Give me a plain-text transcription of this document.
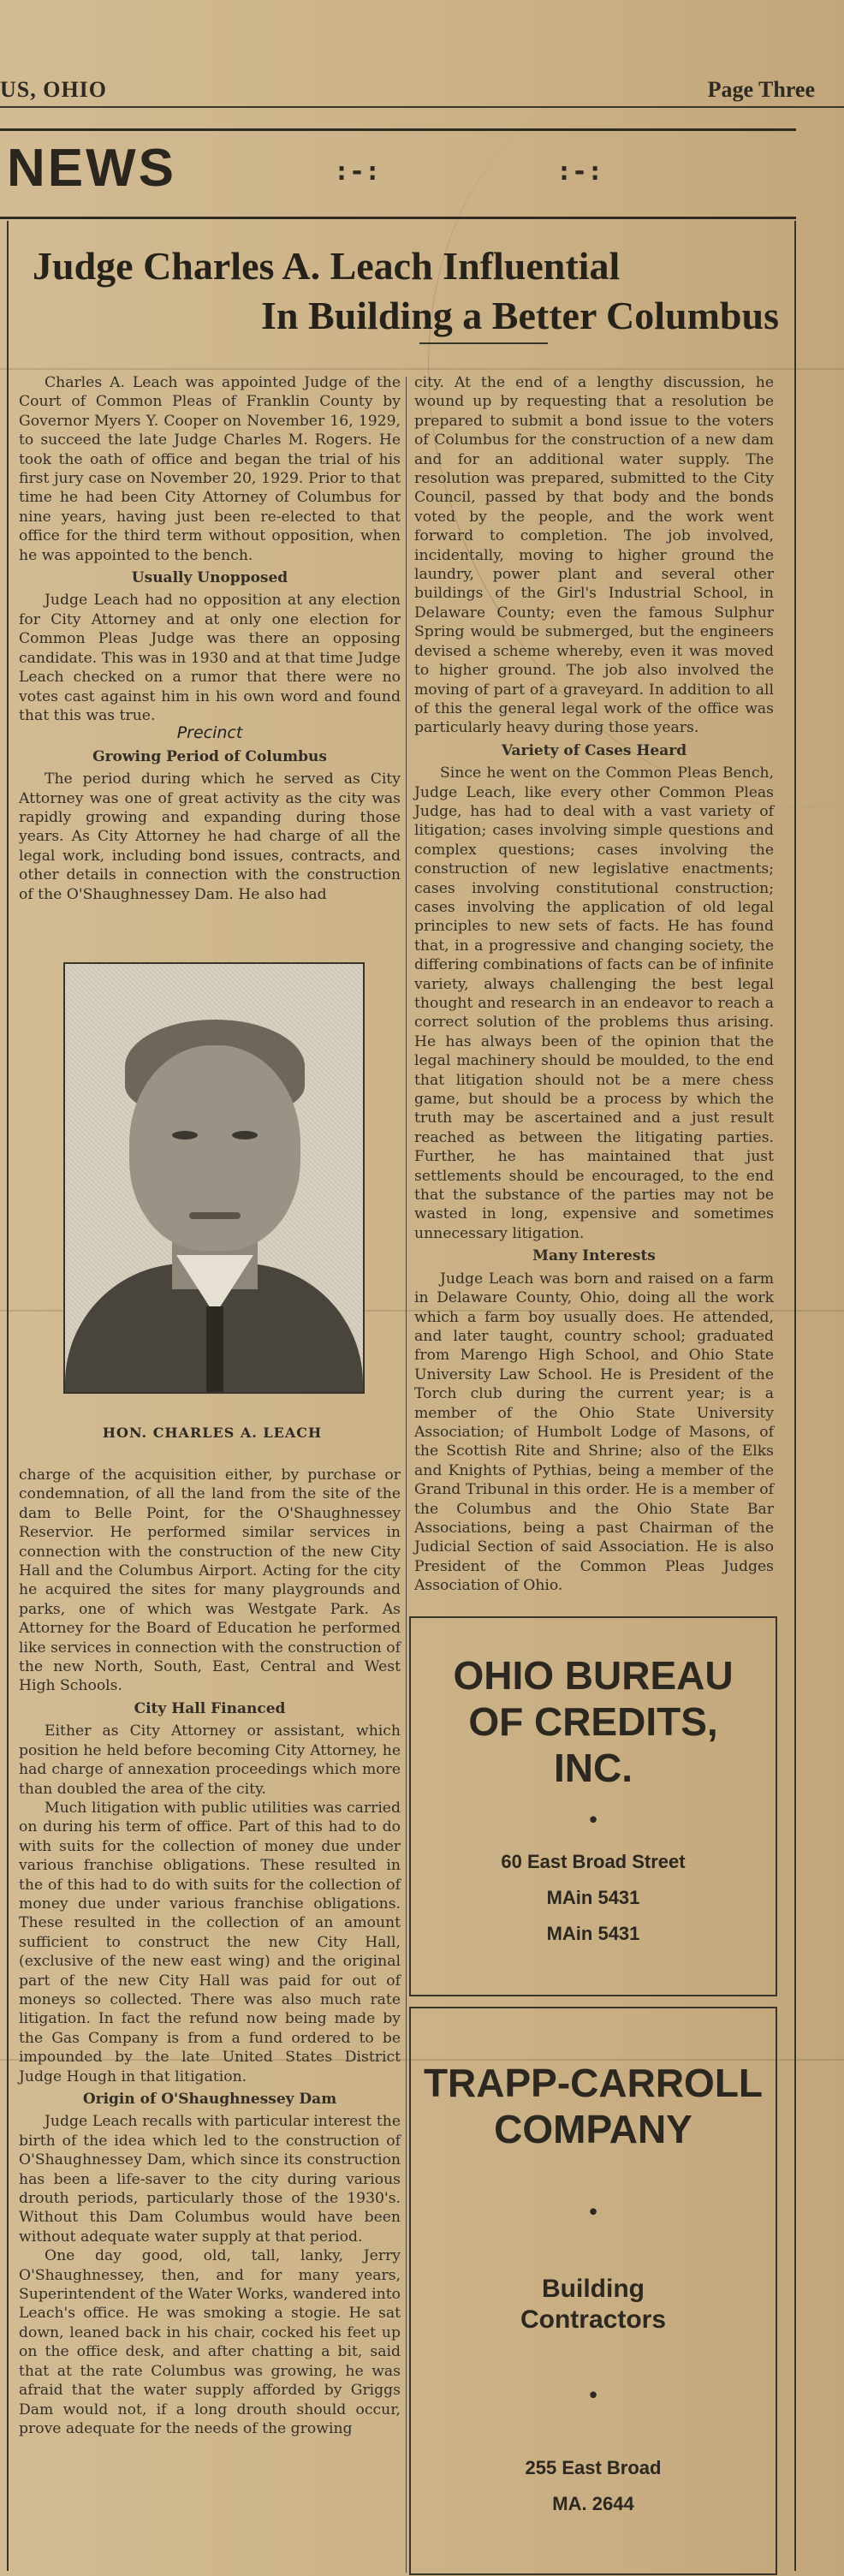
US, OHIO	Page Three
NEWS	:-:	:-:
Judge Charles A. Leach Influential
In Building a Better Columbus

Charles A. Leach was appointed Judge of the Court of Common Pleas of Franklin County by Governor Myers Y. Cooper on November 16, 1929, to succeed the late Judge Charles M. Rogers. He took the oath of office and began the trial of his first jury case on November 20, 1929. Prior to that time he had been City Attorney of Columbus for nine years, having just been re-elected to that office for the third term without opposition, when he was appointed to the bench.

Usually Unopposed

Judge Leach had no opposition at any election for City Attorney and at only one election for Common Pleas Judge was there an opposing candidate. This was in 1930 and at that time Judge Leach checked on a rumor that there were no votes cast against him in his own word and found that this was true.

Precinct

Growing Period of Columbus

The period during which he served as City Attorney was one of great activity as the city was rapidly growing and expanding during those years. As City Attorney he had charge of all the legal work, including bond issues, contracts, and other details in connection with the construction of the O'Shaughnessey Dam. He also had

HON. CHARLES A. LEACH

charge of the acquisition either, by purchase or condemnation, of all the land from the site of the dam to Belle Point, for the O'Shaughnessey Reservior. He performed similar services in connection with the construction of the new City Hall and the Columbus Airport. Acting for the city he acquired the sites for many playgrounds and parks, one of which was Westgate Park. As Attorney for the Board of Education he performed like services in connection with the construction of the new North, South, East, Central and West High Schools.

City Hall Financed

Either as City Attorney or assistant, which position he held before becoming City Attorney, he had charge of annexation proceedings which more than doubled the area of the city.

Much litigation with public utilities was carried on during his term of office. Part of this had to do with suits for the collection of money due under various franchise obligations. These resulted in the of this had to do with suits for the collection of money due under various franchise obligations. These resulted in the collection of an amount sufficient to construct the new City Hall, (exclusive of the new east wing) and the original part of the new City Hall was paid for out of moneys so collected. There was also much rate litigation. In fact the refund now being made by the Gas Company is from a fund ordered to be impounded by the late United States District Judge Hough in that litigation.

Origin of O'Shaughnessey Dam

Judge Leach recalls with particular interest the birth of the idea which led to the construction of O'Shaughnessey Dam, which since its construction has been a life-saver to the city during various drouth periods, particularly those of the 1930's. Without this Dam Columbus would have been without adequate water supply at that period.

One day good, old, tall, lanky, Jerry O'Shaughnessey, then, and for many years, Superintendent of the Water Works, wandered into Leach's office. He was smoking a stogie. He sat down, leaned back in his chair, cocked his feet up on the office desk, and after chatting a bit, said that at the rate Columbus was growing, he was afraid that the water supply afforded by Griggs Dam would not, if a long drouth should occur, prove adequate for the needs of the growing

city. At the end of a lengthy discussion, he wound up by requesting that a resolution be prepared to submit a bond issue to the voters of Columbus for the construction of a new dam and for an additional water supply. The resolution was prepared, submitted to the City Council, passed by that body and the bonds voted by the people, and the work went forward to completion. The job involved, incidentally, moving to higher ground the laundry, power plant and several other buildings of the Girl's Industrial School, in Delaware County; even the famous Sulphur Spring would be submerged, but the engineers devised a scheme whereby, even it was moved to higher ground. The job also involved the moving of part of a graveyard. In addition to all of this the general legal work of the office was particularly heavy during those years.

Variety of Cases Heard

Since he went on the Common Pleas Bench, Judge Leach, like every other Common Pleas Judge, has had to deal with a vast variety of litigation; cases involving simple questions and complex questions; cases involving the construction of new legislative enactments; cases involving constitutional construction; cases involving the application of old legal principles to new sets of facts. He has found that, in a progressive and changing society, the differing combinations of facts can be of infinite variety, always challenging the best legal thought and research in an endeavor to reach a correct solution of the problems thus arising. He has always been of the opinion that the legal machinery should be moulded, to the end that litigation should not be a mere chess game, but should be a process by which the truth may be ascertained and a just result reached as between the litigating parties. Further, he has maintained that just settlements should be encouraged, to the end that the substance of the parties may not be wasted in long, expensive and sometimes unnecessary litigation.

Many Interests

Judge Leach was born and raised on a farm in Delaware County, Ohio, doing all the work which a farm boy usually does. He attended, and later taught, country school; graduated from Marengo High School, and Ohio State University Law School. He is President of the Torch club during the current year; is a member of the Ohio State University Association; of Humbolt Lodge of Masons, of the Scottish Rite and Shrine; also of the Elks and Knights of Pythias, being a member of the Grand Tribunal in this order. He is a member of the Columbus and the Ohio State Bar Associations, being a past Chairman of the Judicial Section of said Association. He is also President of the Common Pleas Judges Association of Ohio.

OHIO BUREAU
OF CREDITS,
INC.
•
60 East Broad Street
MAin 5431
MAin 5431
TRAPP-CARROLL
COMPANY
•
Building
Contractors
•
255 East Broad
MA. 2644
